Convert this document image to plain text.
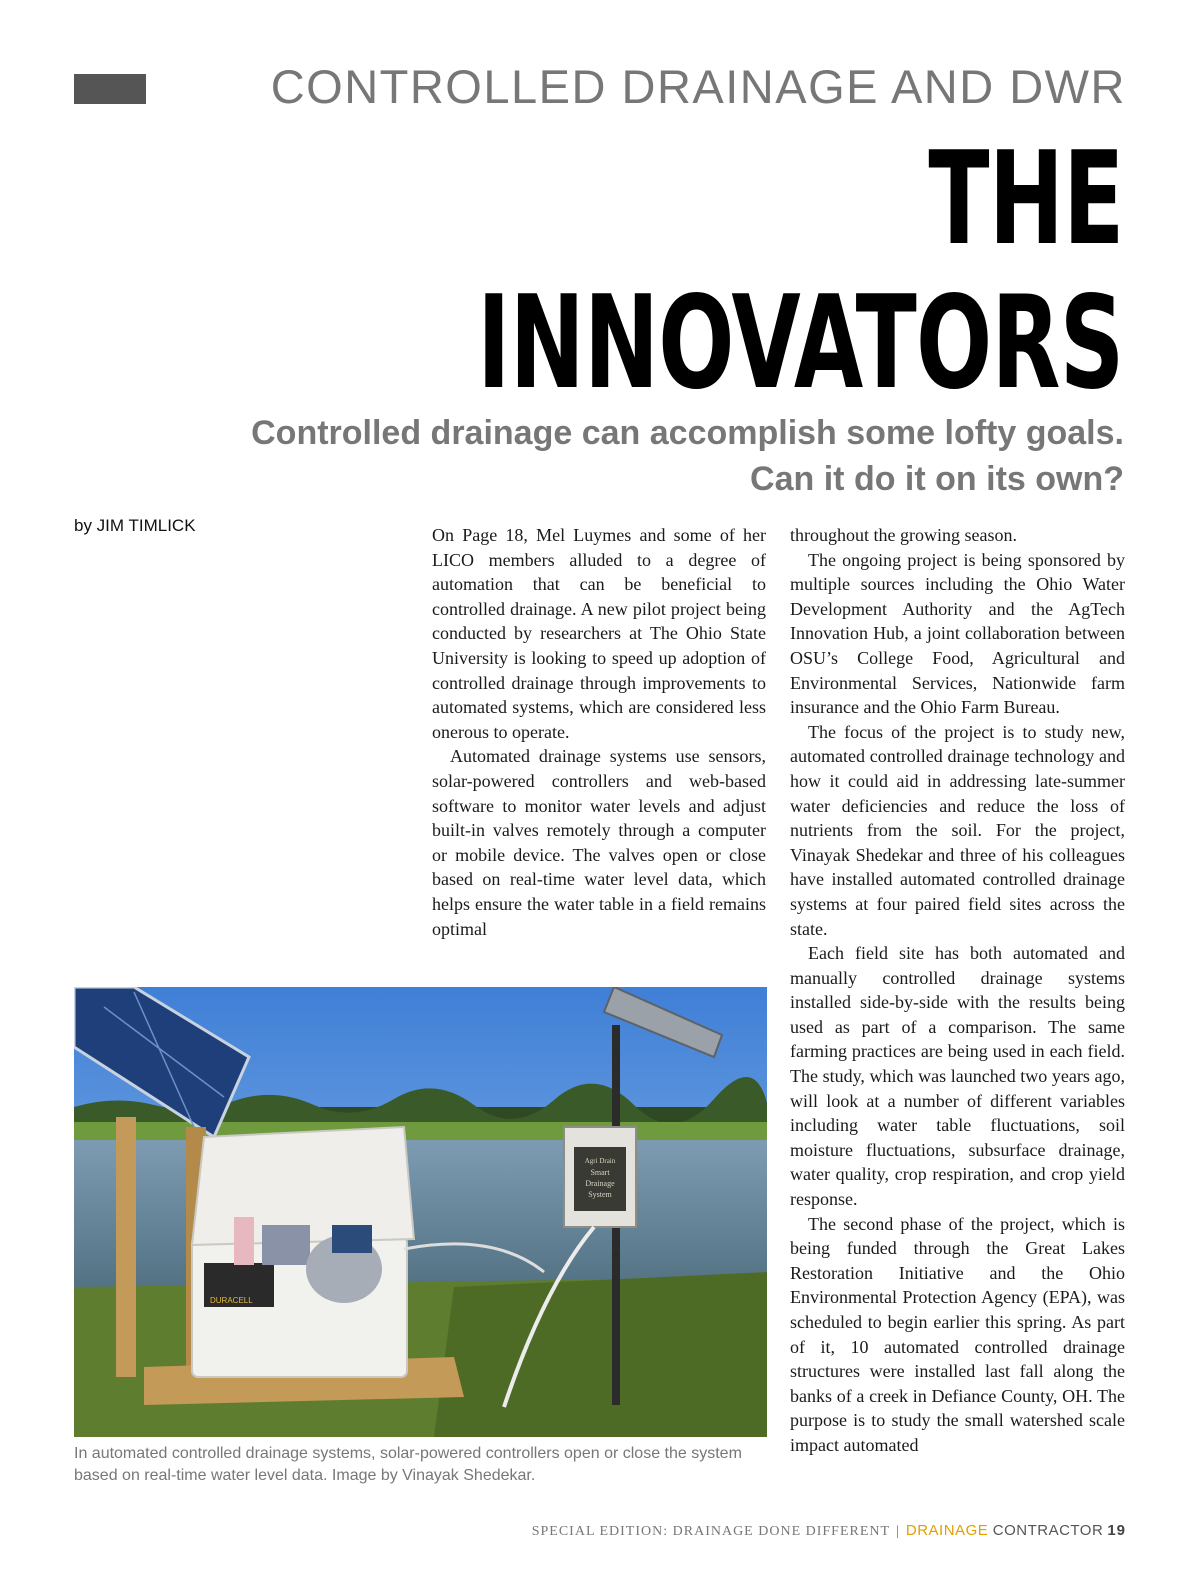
CONTROLLED DRAINAGE AND DWR
THE
INNOVATORS
Controlled drainage can accomplish some lofty goals.
Can it do it on its own?
by JIM TIMLICK	On Page 18, Mel Luymes and some of her LICO members alluded to a degree of automation that can be beneficial to controlled drainage. A new pilot project being conducted by researchers at The Ohio State University is looking to speed up adoption of controlled drainage through improvements to automated systems, which are considered less onerous to operate.

Automated drainage systems use sensors, solar-powered controllers and web-based software to monitor water levels and adjust built-in valves remotely through a computer or mobile device. The valves open or close based on real-time water level data, which helps ensure the water table in a field remains optimal

throughout the growing season.

The ongoing project is being sponsored by multiple sources including the Ohio Water Development Authority and the AgTech Innovation Hub, a joint collaboration between OSU’s College Food, Agricultural and Environmental Services, Nationwide farm insurance and the Ohio Farm Bureau.

The focus of the project is to study new, automated controlled drainage technology and how it could aid in addressing late-summer water deficiencies and reduce the loss of nutrients from the soil. For the project, Vinayak Shedekar and three of his colleagues have installed automated controlled drainage systems at four paired field sites across the state.

Each field site has both automated and manually controlled drainage systems installed side-by-side with the results being used as part of a comparison. The same farming practices are being used in each field. The study, which was launched two years ago, will look at a number of different variables including water table fluctuations, soil moisture fluctuations, subsurface drainage, water quality, crop respiration, and crop yield response.

The second phase of the project, which is being funded through the Great Lakes Restoration Initiative and the Ohio Environmental Protection Agency (EPA), was scheduled to begin earlier this spring. As part of it, 10 automated controlled drainage structures were installed last fall along the banks of a creek in Defiance County, OH. The purpose is to study the small watershed scale impact automated

DURACELL
Agri Drain
Smart
Drainage
System
In automated controlled drainage systems, solar-powered controllers open or close the system based on real-time water level data. Image by Vinayak Shedekar.
SPECIAL EDITION: DRAINAGE DONE DIFFERENT | DRAINAGE CONTRACTOR 19
